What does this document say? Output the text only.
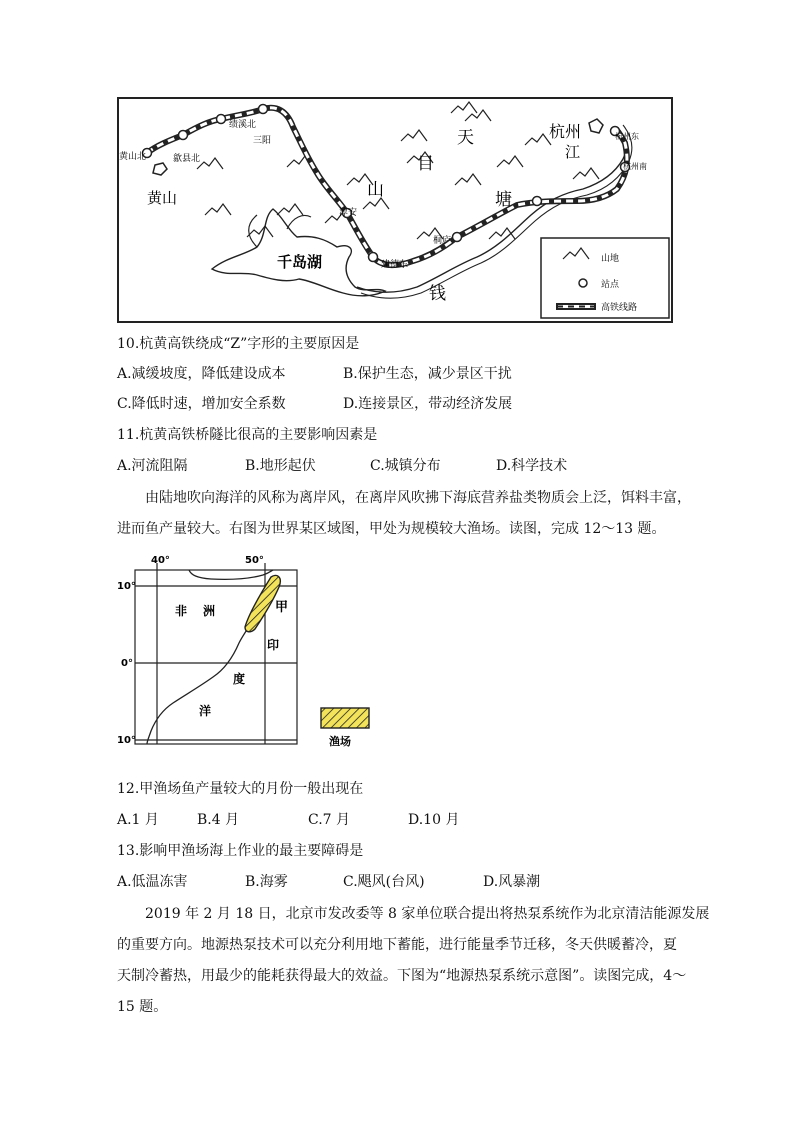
黄山北	歙县北
绩溪北
三阳
黄山
天
目
山
杭州
江
杭州东
杭州南
塘
淳安
千岛湖
桐庐
建德东
钱
山地
站点
高铁线路
10.杭黄高铁绕成“Z”字形的主要原因是
A.减缓坡度，降低建设成本	B.保护生态，减少景区干扰
C.降低时速，增加安全系数	D.连接景区，带动经济发展
11.杭黄高铁桥隧比很高的主要影响因素是
A.河流阻隔	B.地形起伏	C.城镇分布	D.科学技术
由陆地吹向海洋的风称为离岸风，在离岸风吹拂下海底营养盐类物质会上泛，饵料丰富，
进而鱼产量较大。右图为世界某区域图，甲处为规模较大渔场。读图，完成 12～13 题。
40°	50°
10°
0°
10°
非 洲	甲
印
度
洋
渔场
12.甲渔场鱼产量较大的月份一般出现在
A.1 月	B.4 月	C.7 月	D.10 月
13.影响甲渔场海上作业的最主要障碍是
A.低温冻害	B.海雾	C.飓风(台风)	D.风暴潮
2019 年 2 月 18 日，北京市发改委等 8 家单位联合提出将热泵系统作为北京清洁能源发展
的重要方向。地源热泵技术可以充分利用地下蓄能，进行能量季节迁移，冬天供暖蓄冷，夏
天制冷蓄热，用最少的能耗获得最大的效益。下图为“地源热泵系统示意图”。读图完成，4～
15 题。
